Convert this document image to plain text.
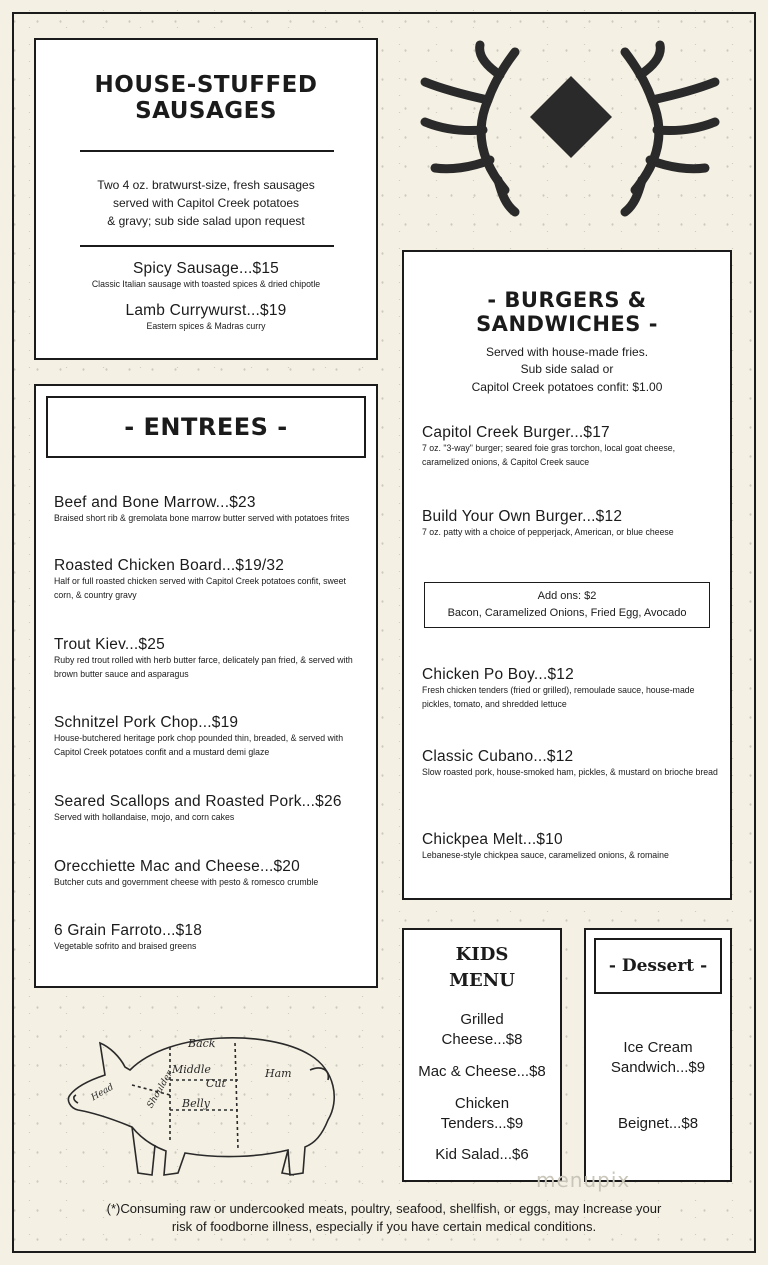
HOUSE-STUFFED
SAUSAGES
Two 4 oz. bratwurst-size, fresh sausages
served with Capitol Creek potatoes
& gravy; sub side salad upon request
Spicy Sausage...$15
Classic Italian sausage with toasted spices & dried chipotle
Lamb Currywurst...$19
Eastern spices & Madras curry
- ENTREES -
Beef and Bone Marrow...$23
Braised short rib & gremolata bone marrow butter served with potatoes frites
Roasted Chicken Board...$19/32
Half or full roasted chicken served with Capitol Creek potatoes confit, sweet corn, & country gravy
Trout Kiev...$25
Ruby red trout rolled with herb butter farce, delicately pan fried, & served with brown butter sauce and asparagus
Schnitzel Pork Chop...$19
House-butchered heritage pork chop pounded thin, breaded, & served with Capitol Creek potatoes confit and a mustard demi glaze
Seared Scallops and Roasted Pork...$26
Served with hollandaise, mojo, and corn cakes
Orecchiette Mac and Cheese...$20
Butcher cuts and government cheese with pesto & romesco crumble
6 Grain Farroto...$18
Vegetable sofrito and braised greens
- BURGERS & SANDWICHES -
Served with house-made fries.
Sub side salad or
Capitol Creek potatoes confit: $1.00
Capitol Creek Burger...$17
7 oz. "3-way" burger; seared foie gras torchon, local goat cheese, caramelized onions, & Capitol Creek sauce
Build Your Own Burger...$12
7 oz. patty with a choice of pepperjack, American, or blue cheese
Add ons: $2
Bacon, Caramelized Onions, Fried Egg, Avocado
Chicken Po Boy...$12
Fresh chicken tenders (fried or grilled), remoulade sauce, house-made pickles, tomato, and shredded lettuce
Classic Cubano...$12
Slow roasted pork, house-smoked ham, pickles, & mustard on brioche bread
Chickpea Melt...$10
Lebanese-style chickpea sauce, caramelized onions, & romaine
KIDS
MENU
Grilled
Cheese...$8
Mac & Cheese...$8
Chicken
Tenders...$9
Kid Salad...$6
- Dessert -
Ice Cream
Sandwich...$9
Beignet...$8
Back
Middle
Cut
Ham
Belly
Shoulder
Head
menupix
(*)Consuming raw or undercooked meats, poultry, seafood, shellfish, or eggs, may Increase your
risk of foodborne illness, especially if you have certain medical conditions.
